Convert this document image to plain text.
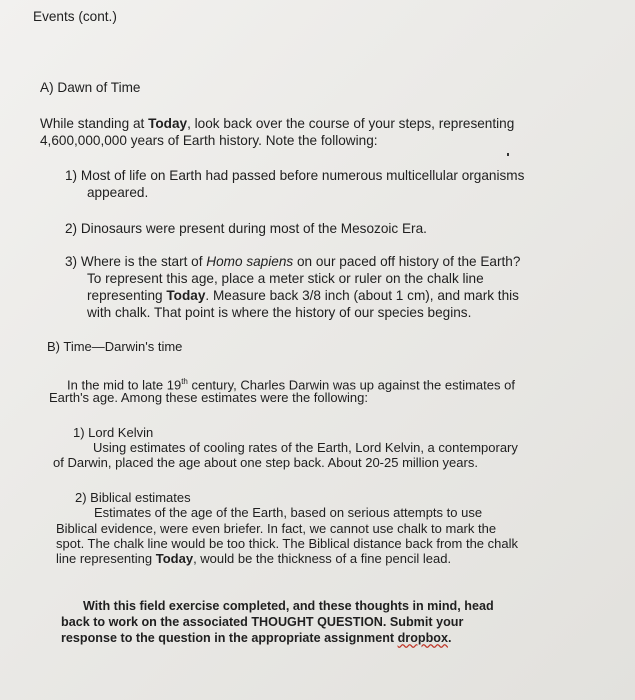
Events (cont.)

A) Dawn of Time

While standing at Today, look back over the course of your steps, representing

4,600,000,000 years of Earth history. Note the following:

1) Most of life on Earth had passed before numerous multicellular organisms

appeared.

2) Dinosaurs were present during most of the Mesozoic Era.

3) Where is the start of Homo sapiens on our paced off history of the Earth?

To represent this age, place a meter stick or ruler on the chalk line

representing Today. Measure back 3/8 inch (about 1 cm), and mark this

with chalk. That point is where the history of our species begins.

B) Time—Darwin's time

In the mid to late 19th century, Charles Darwin was up against the estimates of

Earth's age. Among these estimates were the following:

1) Lord Kelvin

Using estimates of cooling rates of the Earth, Lord Kelvin, a contemporary

of Darwin, placed the age about one step back. About 20-25 million years.

2) Biblical estimates

Estimates of the age of the Earth, based on serious attempts to use

Biblical evidence, were even briefer. In fact, we cannot use chalk to mark the

spot. The chalk line would be too thick. The Biblical distance back from the chalk

line representing Today, would be the thickness of a fine pencil lead.

With this field exercise completed, and these thoughts in mind, head

back to work on the associated THOUGHT QUESTION. Submit your

response to the question in the appropriate assignment dropbox.
